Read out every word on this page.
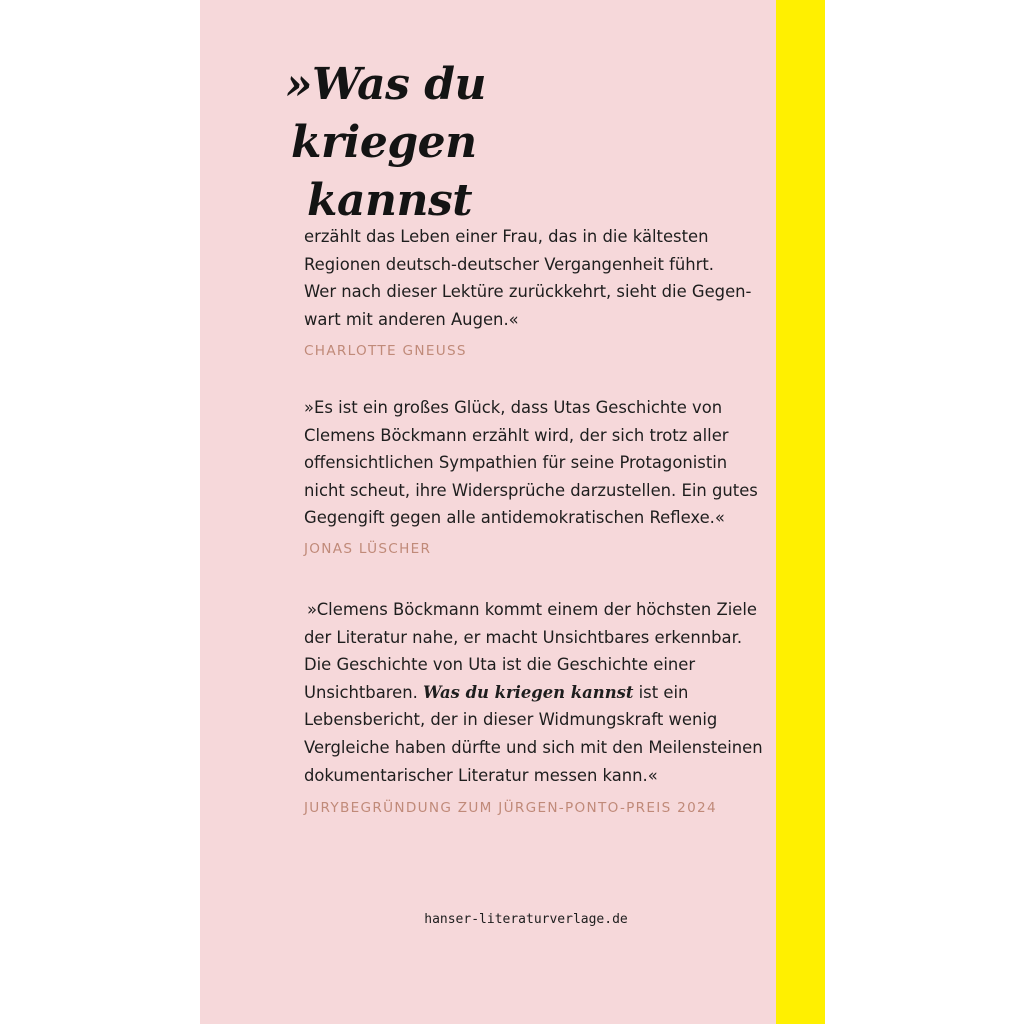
»Was du
kriegen
kannst

erzählt das Leben einer Frau, das in die kältesten
Regionen deutsch-deutscher Vergangenheit führt.
Wer nach dieser Lektüre zurückkehrt, sieht die Gegen-
wart mit anderen Augen.«

CHARLOTTE GNEUSS

»Es ist ein großes Glück, dass Utas Geschichte von
Clemens Böckmann erzählt wird, der sich trotz aller
offensichtlichen Sympathien für seine Protagonistin
nicht scheut, ihre Widersprüche darzustellen. Ein gutes
Gegengift gegen alle antidemokratischen Reflexe.«

JONAS LÜSCHER

»Clemens Böckmann kommt einem der höchsten Ziele
der Literatur nahe, er macht Unsichtbares erkennbar.
Die Geschichte von Uta ist die Geschichte einer
Unsichtbaren. Was du kriegen kannst ist ein
Lebensbericht, der in dieser Widmungskraft wenig
Vergleiche haben dürfte und sich mit den Meilensteinen
dokumentarischer Literatur messen kann.«

JURYBEGRÜNDUNG ZUM JÜRGEN-PONTO-PREIS 2024

hanser-literaturverlage.de
